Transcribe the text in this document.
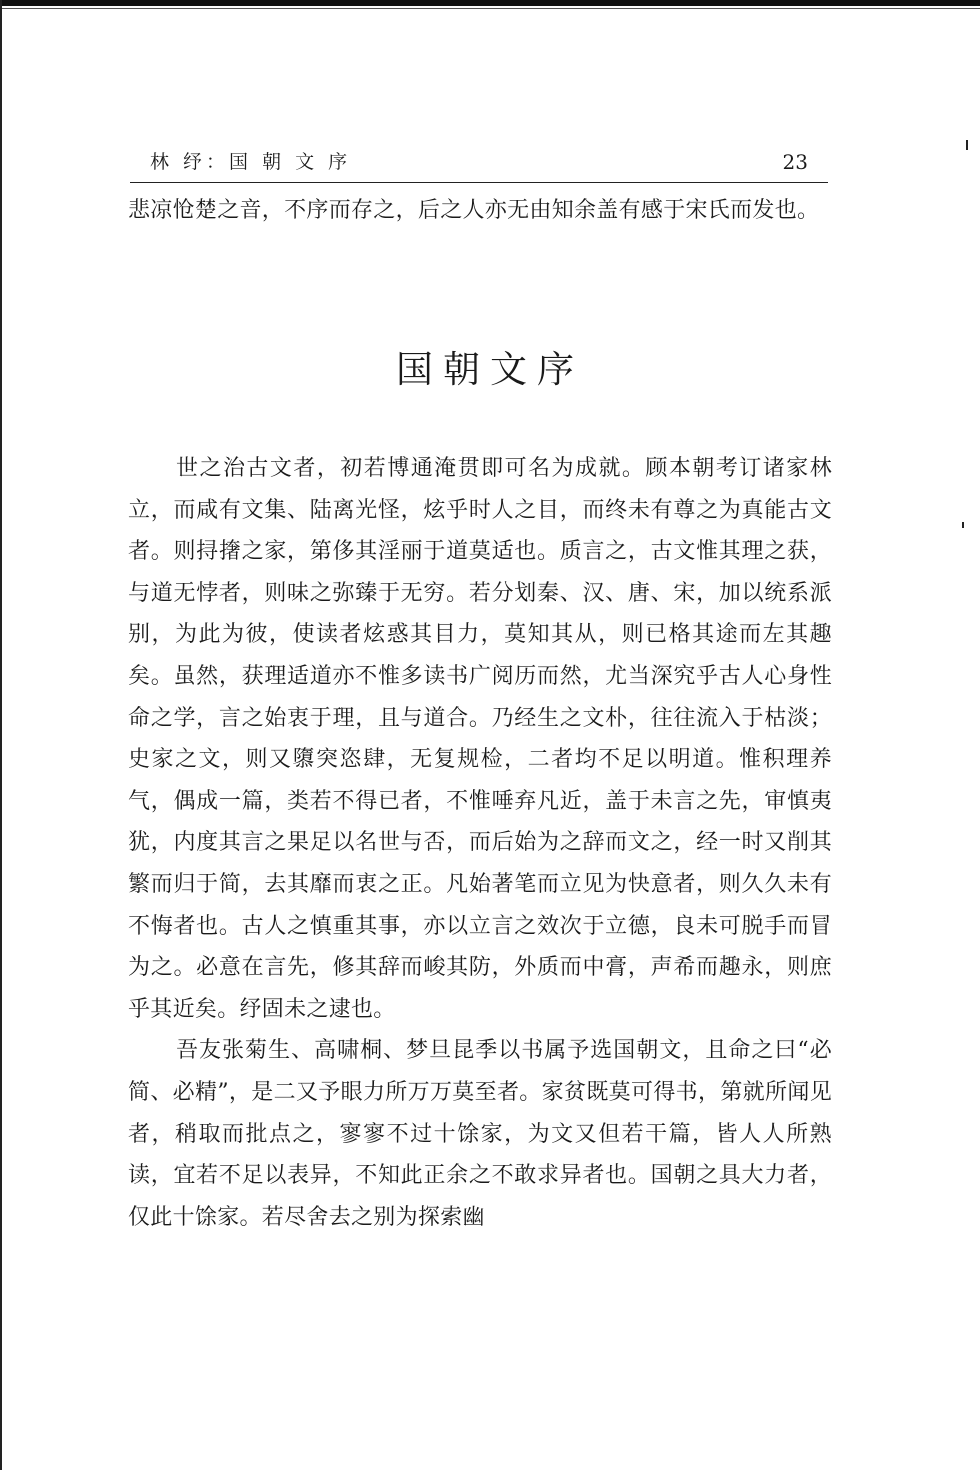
林 纾：国 朝 文 序	23

悲凉怆楚之音，不序而存之，后之人亦无由知余盖有感于宋氏而发也。

国朝文序

世之治古文者，初若博通淹贯即可名为成就。顾本朝考订诸家林立，而咸有文集、陆离光怪，炫乎时人之目，而终未有尊之为真能古文者。则挦撦之家，第侈其淫丽于道莫适也。质言之，古文惟其理之获，与道无悖者，则味之弥臻于无穷。若分划秦、汉、唐、宋，加以统系派别，为此为彼，使读者炫惑其目力，莫知其从，则已格其途而左其趣矣。虽然，获理适道亦不惟多读书广阅历而然，尤当深究乎古人心身性命之学，言之始衷于理，且与道合。乃经生之文朴，往往流入于枯淡；史家之文，则又隳突恣肆，无复规检，二者均不足以明道。惟积理养气，偶成一篇，类若不得已者，不惟唾弃凡近，盖于未言之先，审慎夷犹，内度其言之果足以名世与否，而后始为之辞而文之，经一时又削其繁而归于简，去其靡而衷之正。凡始著笔而立见为快意者，则久久未有不悔者也。古人之慎重其事，亦以立言之效次于立德，良未可脱手而冒为之。必意在言先，修其辞而峻其防，外质而中膏，声希而趣永，则庶乎其近矣。纾固未之逮也。

吾友张菊生、高啸桐、梦旦昆季以书属予选国朝文，且命之曰“必简、必精”，是二又予眼力所万万莫至者。家贫既莫可得书，第就所闻见者，稍取而批点之，寥寥不过十馀家，为文又但若干篇，皆人人所熟读，宜若不足以表异，不知此正余之不敢求异者也。国朝之具大力者，仅此十馀家。若尽舍去之别为探索幽
